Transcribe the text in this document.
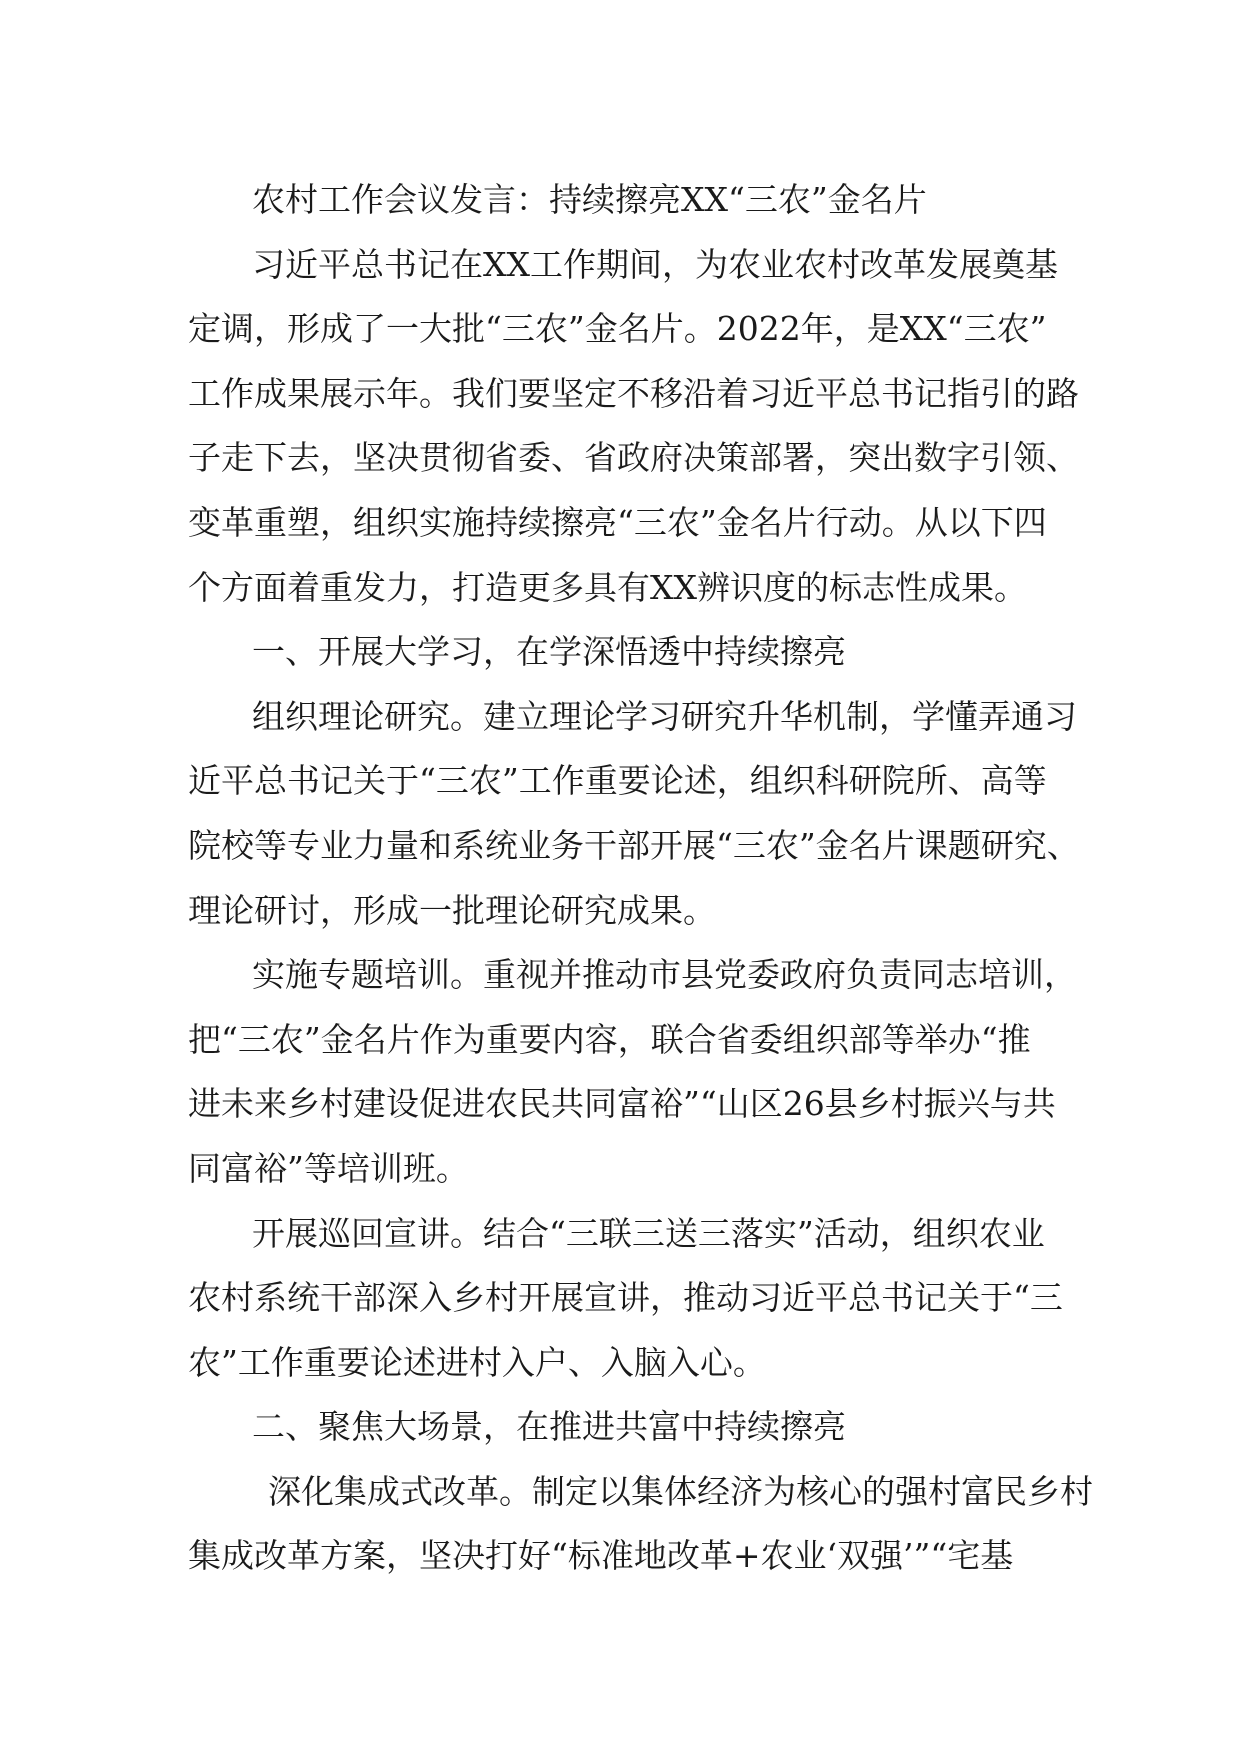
农村工作会议发言：持续擦亮XX“三农”金名片
习近平总书记在XX工作期间，为农业农村改革发展奠基
定调，形成了一大批“三农”金名片。2022年，是XX“三农”
工作成果展示年。我们要坚定不移沿着习近平总书记指引的路
子走下去，坚决贯彻省委、省政府决策部署，突出数字引领、
变革重塑，组织实施持续擦亮“三农”金名片行动。从以下四
个方面着重发力，打造更多具有XX辨识度的标志性成果。
一、开展大学习，在学深悟透中持续擦亮
组织理论研究。建立理论学习研究升华机制，学懂弄通习
近平总书记关于“三农”工作重要论述，组织科研院所、高等
院校等专业力量和系统业务干部开展“三农”金名片课题研究、
理论研讨，形成一批理论研究成果。
实施专题培训。重视并推动市县党委政府负责同志培训，
把“三农”金名片作为重要内容，联合省委组织部等举办“推
进未来乡村建设促进农民共同富裕”“山区26县乡村振兴与共
同富裕”等培训班。
开展巡回宣讲。结合“三联三送三落实”活动，组织农业
农村系统干部深入乡村开展宣讲，推动习近平总书记关于“三
农”工作重要论述进村入户、入脑入心。
二、聚焦大场景，在推进共富中持续擦亮
深化集成式改革。制定以集体经济为核心的强村富民乡村
集成改革方案，坚决打好“标准地改革+农业‘双强’”“宅基
